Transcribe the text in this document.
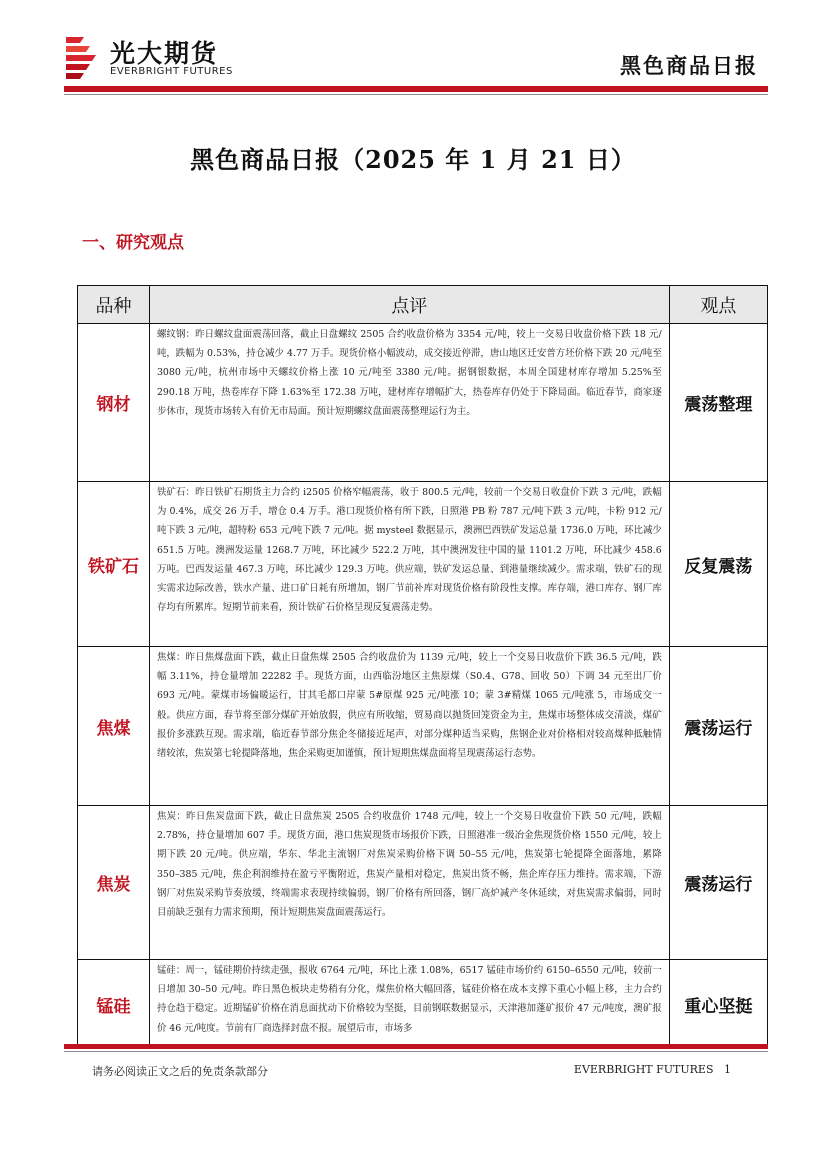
光大期货
EVERBRIGHT FUTURES	黑色商品日报
黑色商品日报（2025 年 1 月 21 日）
一、研究观点
品种	点评	观点
钢材	螺纹钢：昨日螺纹盘面震荡回落，截止日盘螺纹 2505 合约收盘价格为 3354 元/吨，较上一交易日收盘价格下跌 18 元/吨，跌幅为 0.53%，持仓减少 4.77 万手。现货价格小幅波动，成交接近停滞，唐山地区迁安普方坯价格下跌 20 元/吨至 3080 元/吨，杭州市场中天螺纹价格上涨 10 元/吨至 3380 元/吨。据钢银数据，本周全国建材库存增加 5.25%至 290.18 万吨，热卷库存下降 1.63%至 172.38 万吨，建材库存增幅扩大，热卷库存仍处于下降局面。临近春节，商家逐步休市，现货市场转入有价无市局面。预计短期螺纹盘面震荡整理运行为主。	震荡整理
铁矿石	铁矿石：昨日铁矿石期货主力合约 i2505 价格窄幅震荡，收于 800.5 元/吨，较前一个交易日收盘价下跌 3 元/吨，跌幅为 0.4%，成交 26 万手，增仓 0.4 万手。港口现货价格有所下跌，日照港 PB 粉 787 元/吨下跌 3 元/吨，卡粉 912 元/吨下跌 3 元/吨，超特粉 653 元/吨下跌 7 元/吨。据 mysteel 数据显示，澳洲巴西铁矿发运总量 1736.0 万吨，环比减少 651.5 万吨。澳洲发运量 1268.7 万吨，环比减少 522.2 万吨，其中澳洲发往中国的量 1101.2 万吨，环比减少 458.6 万吨。巴西发运量 467.3 万吨，环比减少 129.3 万吨。供应端，铁矿发运总量、到港量继续减少。需求端，铁矿石的现实需求边际改善，铁水产量、进口矿日耗有所增加，钢厂节前补库对现货价格有阶段性支撑。库存端，港口库存、钢厂库存均有所累库。短期节前来看，预计铁矿石价格呈现反复震荡走势。	反复震荡
焦煤	焦煤：昨日焦煤盘面下跌，截止日盘焦煤 2505 合约收盘价为 1139 元/吨，较上一个交易日收盘价下跌 36.5 元/吨，跌幅 3.11%，持仓量增加 22282 手。现货方面，山西临汾地区主焦原煤（S0.4、G78、回收 50）下调 34 元至出厂价 693 元/吨。蒙煤市场偏暖运行，甘其毛都口岸蒙 5#原煤 925 元/吨涨 10；蒙 3#精煤 1065 元/吨涨 5，市场成交一般。供应方面，春节将至部分煤矿开始放假，供应有所收缩，贸易商以抛货回笼资金为主，焦煤市场整体成交清淡，煤矿报价多涨跌互现。需求端，临近春节部分焦企冬储接近尾声，对部分煤种适当采购，焦钢企业对价格相对较高煤种抵触情绪较浓，焦炭第七轮提降落地，焦企采购更加谨慎，预计短期焦煤盘面将呈现震荡运行态势。	震荡运行
焦炭	焦炭：昨日焦炭盘面下跌，截止日盘焦炭 2505 合约收盘价 1748 元/吨，较上一个交易日收盘价下跌 50 元/吨，跌幅 2.78%，持仓量增加 607 手。现货方面，港口焦炭现货市场报价下跌，日照港准一级冶金焦现货价格 1550 元/吨，较上期下跌 20 元/吨。供应端，华东、华北主流钢厂对焦炭采购价格下调 50–55 元/吨，焦炭第七轮提降全面落地，累降 350–385 元/吨，焦企利润维持在盈亏平衡附近，焦炭产量相对稳定，焦炭出货不畅，焦企库存压力维持。需求端，下游钢厂对焦炭采购节奏放缓，终端需求表现持续偏弱，钢厂价格有所回落，钢厂高炉减产冬休延续，对焦炭需求偏弱，同时目前缺乏强有力需求预期，预计短期焦炭盘面震荡运行。	震荡运行
锰硅	锰硅：周一，锰硅期价持续走强，报收 6764 元/吨，环比上涨 1.08%，6517 锰硅市场价约 6150–6550 元/吨，较前一日增加 30–50 元/吨。昨日黑色板块走势稍有分化，煤焦价格大幅回落，锰硅价格在成本支撑下重心小幅上移，主力合约持仓趋于稳定。近期锰矿价格在消息面扰动下价格较为坚挺，目前钢联数据显示，天津港加蓬矿报价 47 元/吨度，澳矿报价 46 元/吨度。节前有厂商选择封盘不报。展望后市，市场多	重心坚挺
请务必阅读正文之后的免责条款部分	EVERBRIGHT FUTURES 1
